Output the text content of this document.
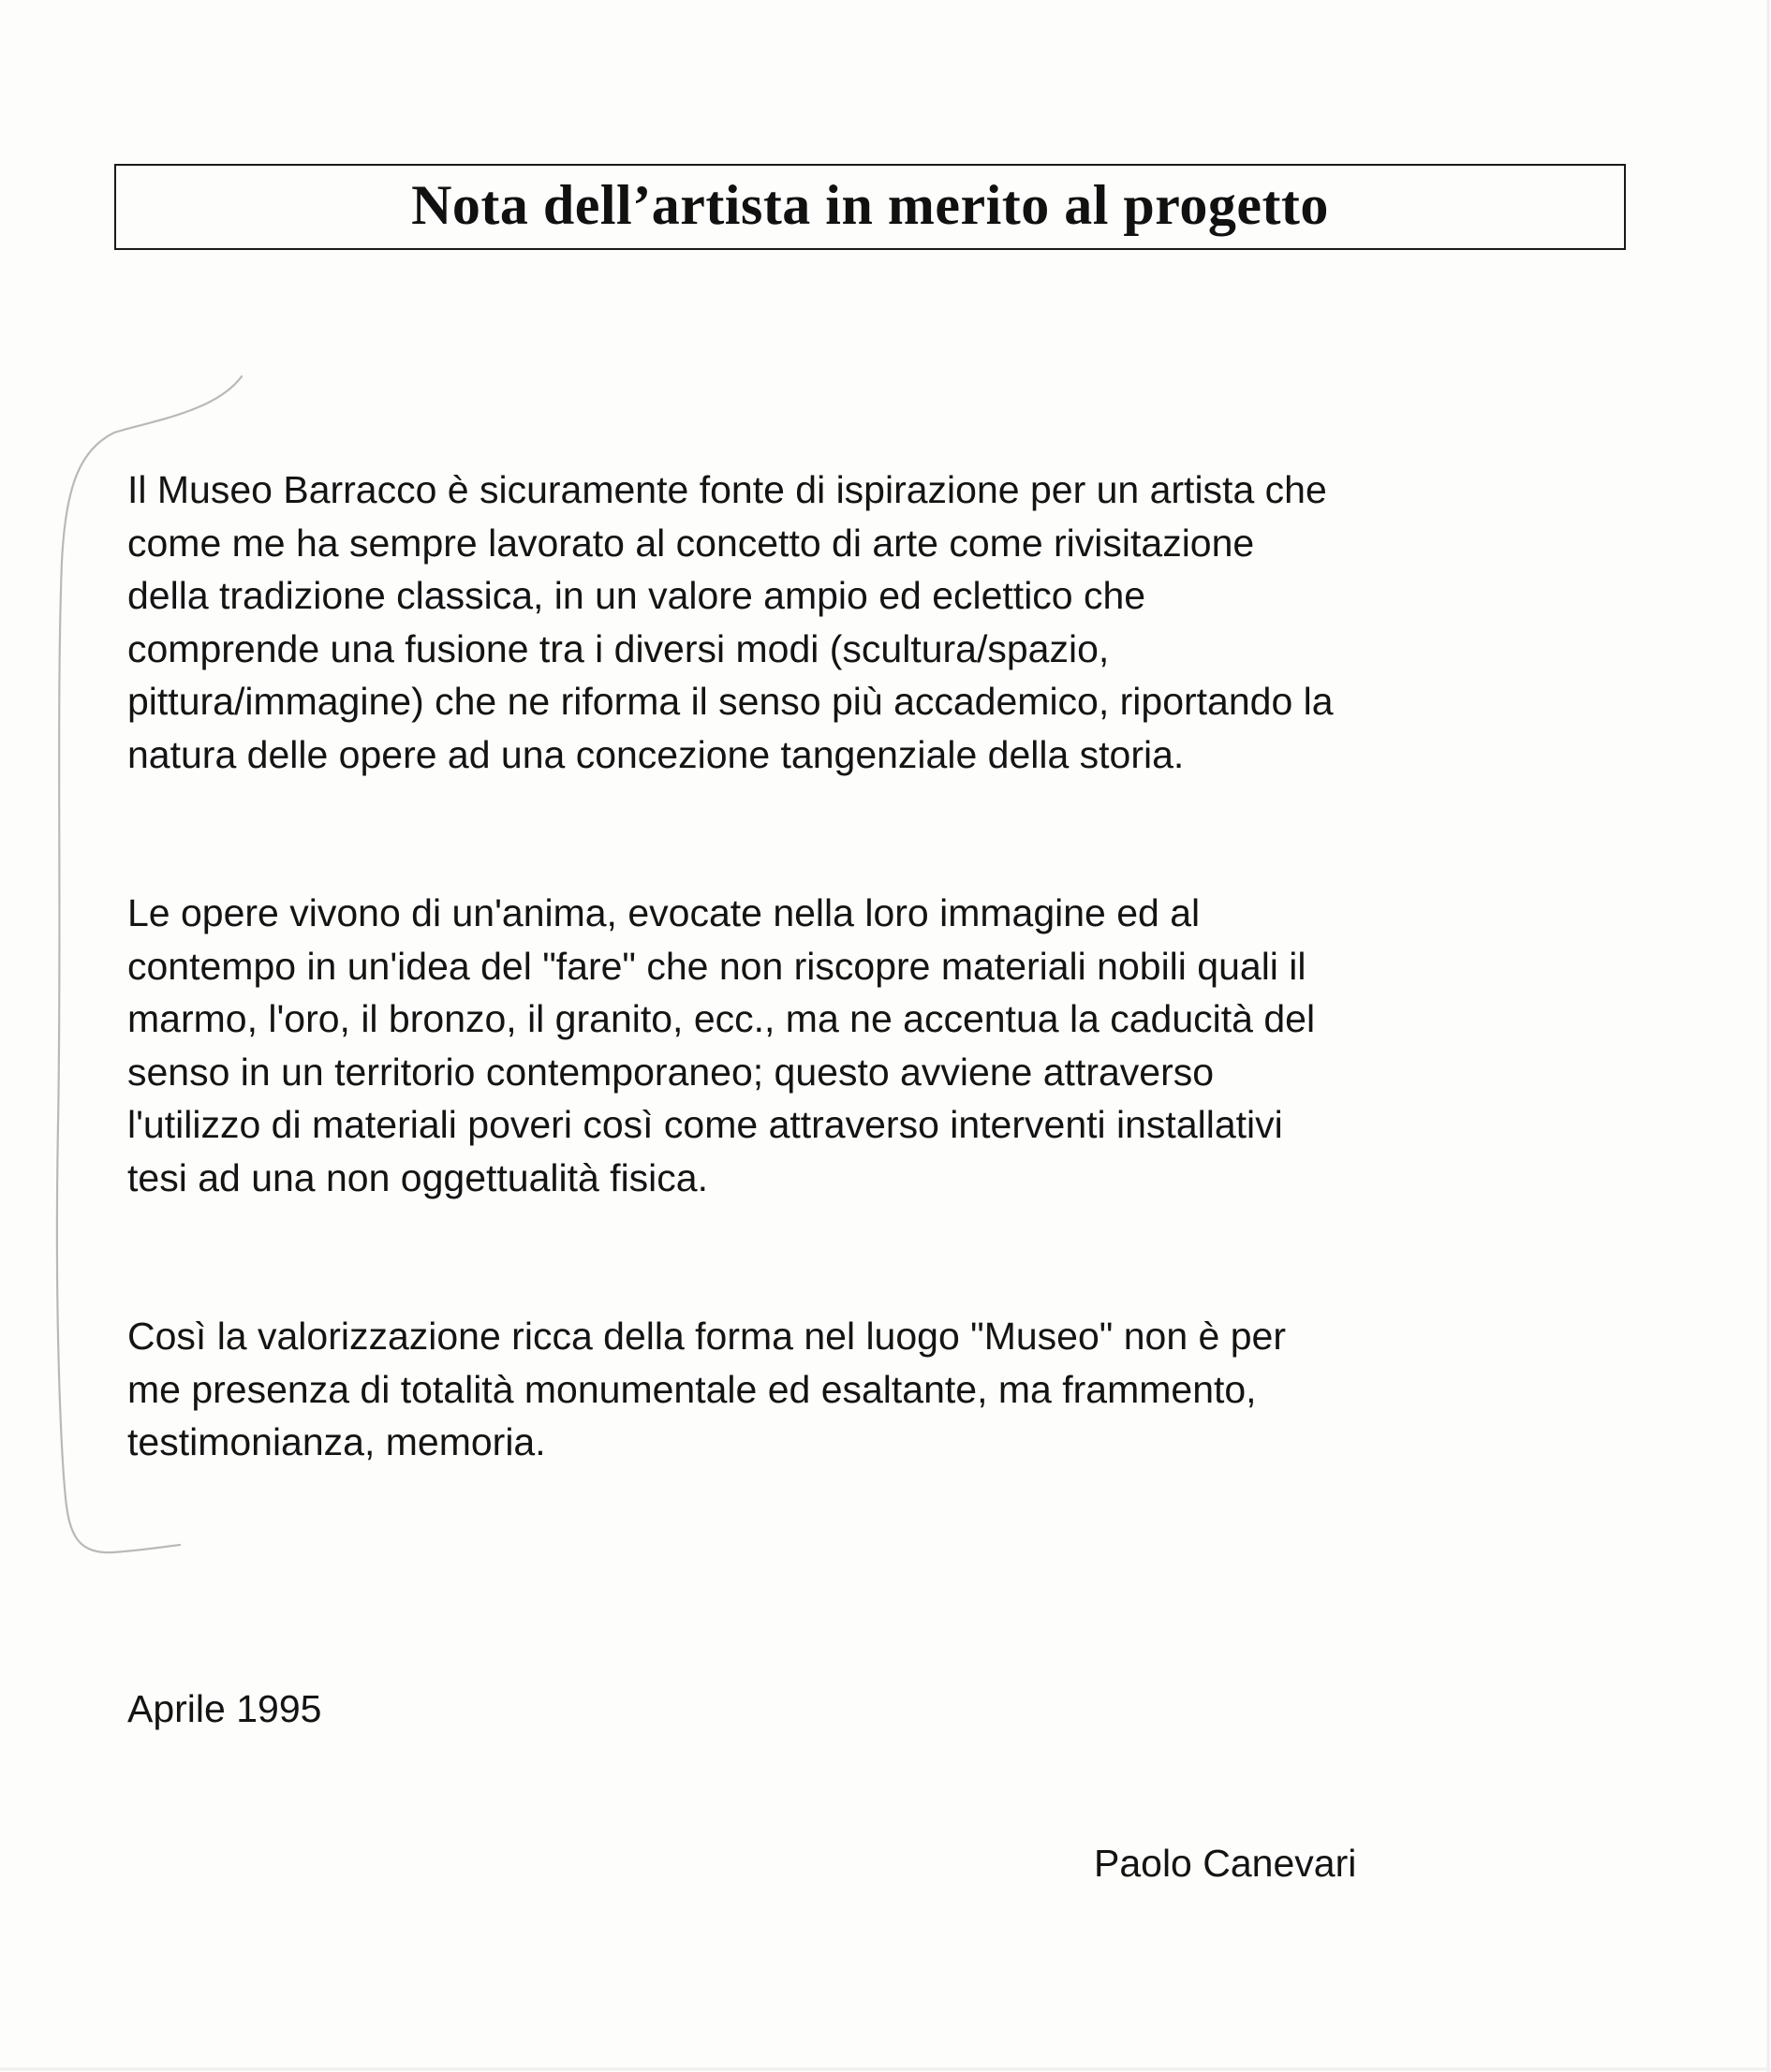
Nota dell’artista in merito al progetto
Il Museo Barracco è sicuramente fonte di ispirazione per un artista che
come me ha sempre lavorato al concetto di arte come rivisitazione
della tradizione classica, in un valore ampio ed eclettico che
comprende una fusione tra i diversi modi (scultura/spazio,
pittura/immagine) che ne riforma il senso più accademico, riportando la
natura delle opere ad una concezione tangenziale della storia.
Le opere vivono di un'anima, evocate nella loro immagine ed al
contempo in un'idea del "fare" che non riscopre materiali nobili quali il
marmo, l'oro, il bronzo, il granito, ecc., ma ne accentua la caducità del
senso in un territorio contemporaneo; questo avviene attraverso
l'utilizzo di materiali poveri così come attraverso interventi installativi
tesi ad una non oggettualità fisica.
Così la valorizzazione ricca della forma nel luogo "Museo" non è per
me presenza di totalità monumentale ed esaltante, ma frammento,
testimonianza, memoria.
Aprile 1995
Paolo Canevari
